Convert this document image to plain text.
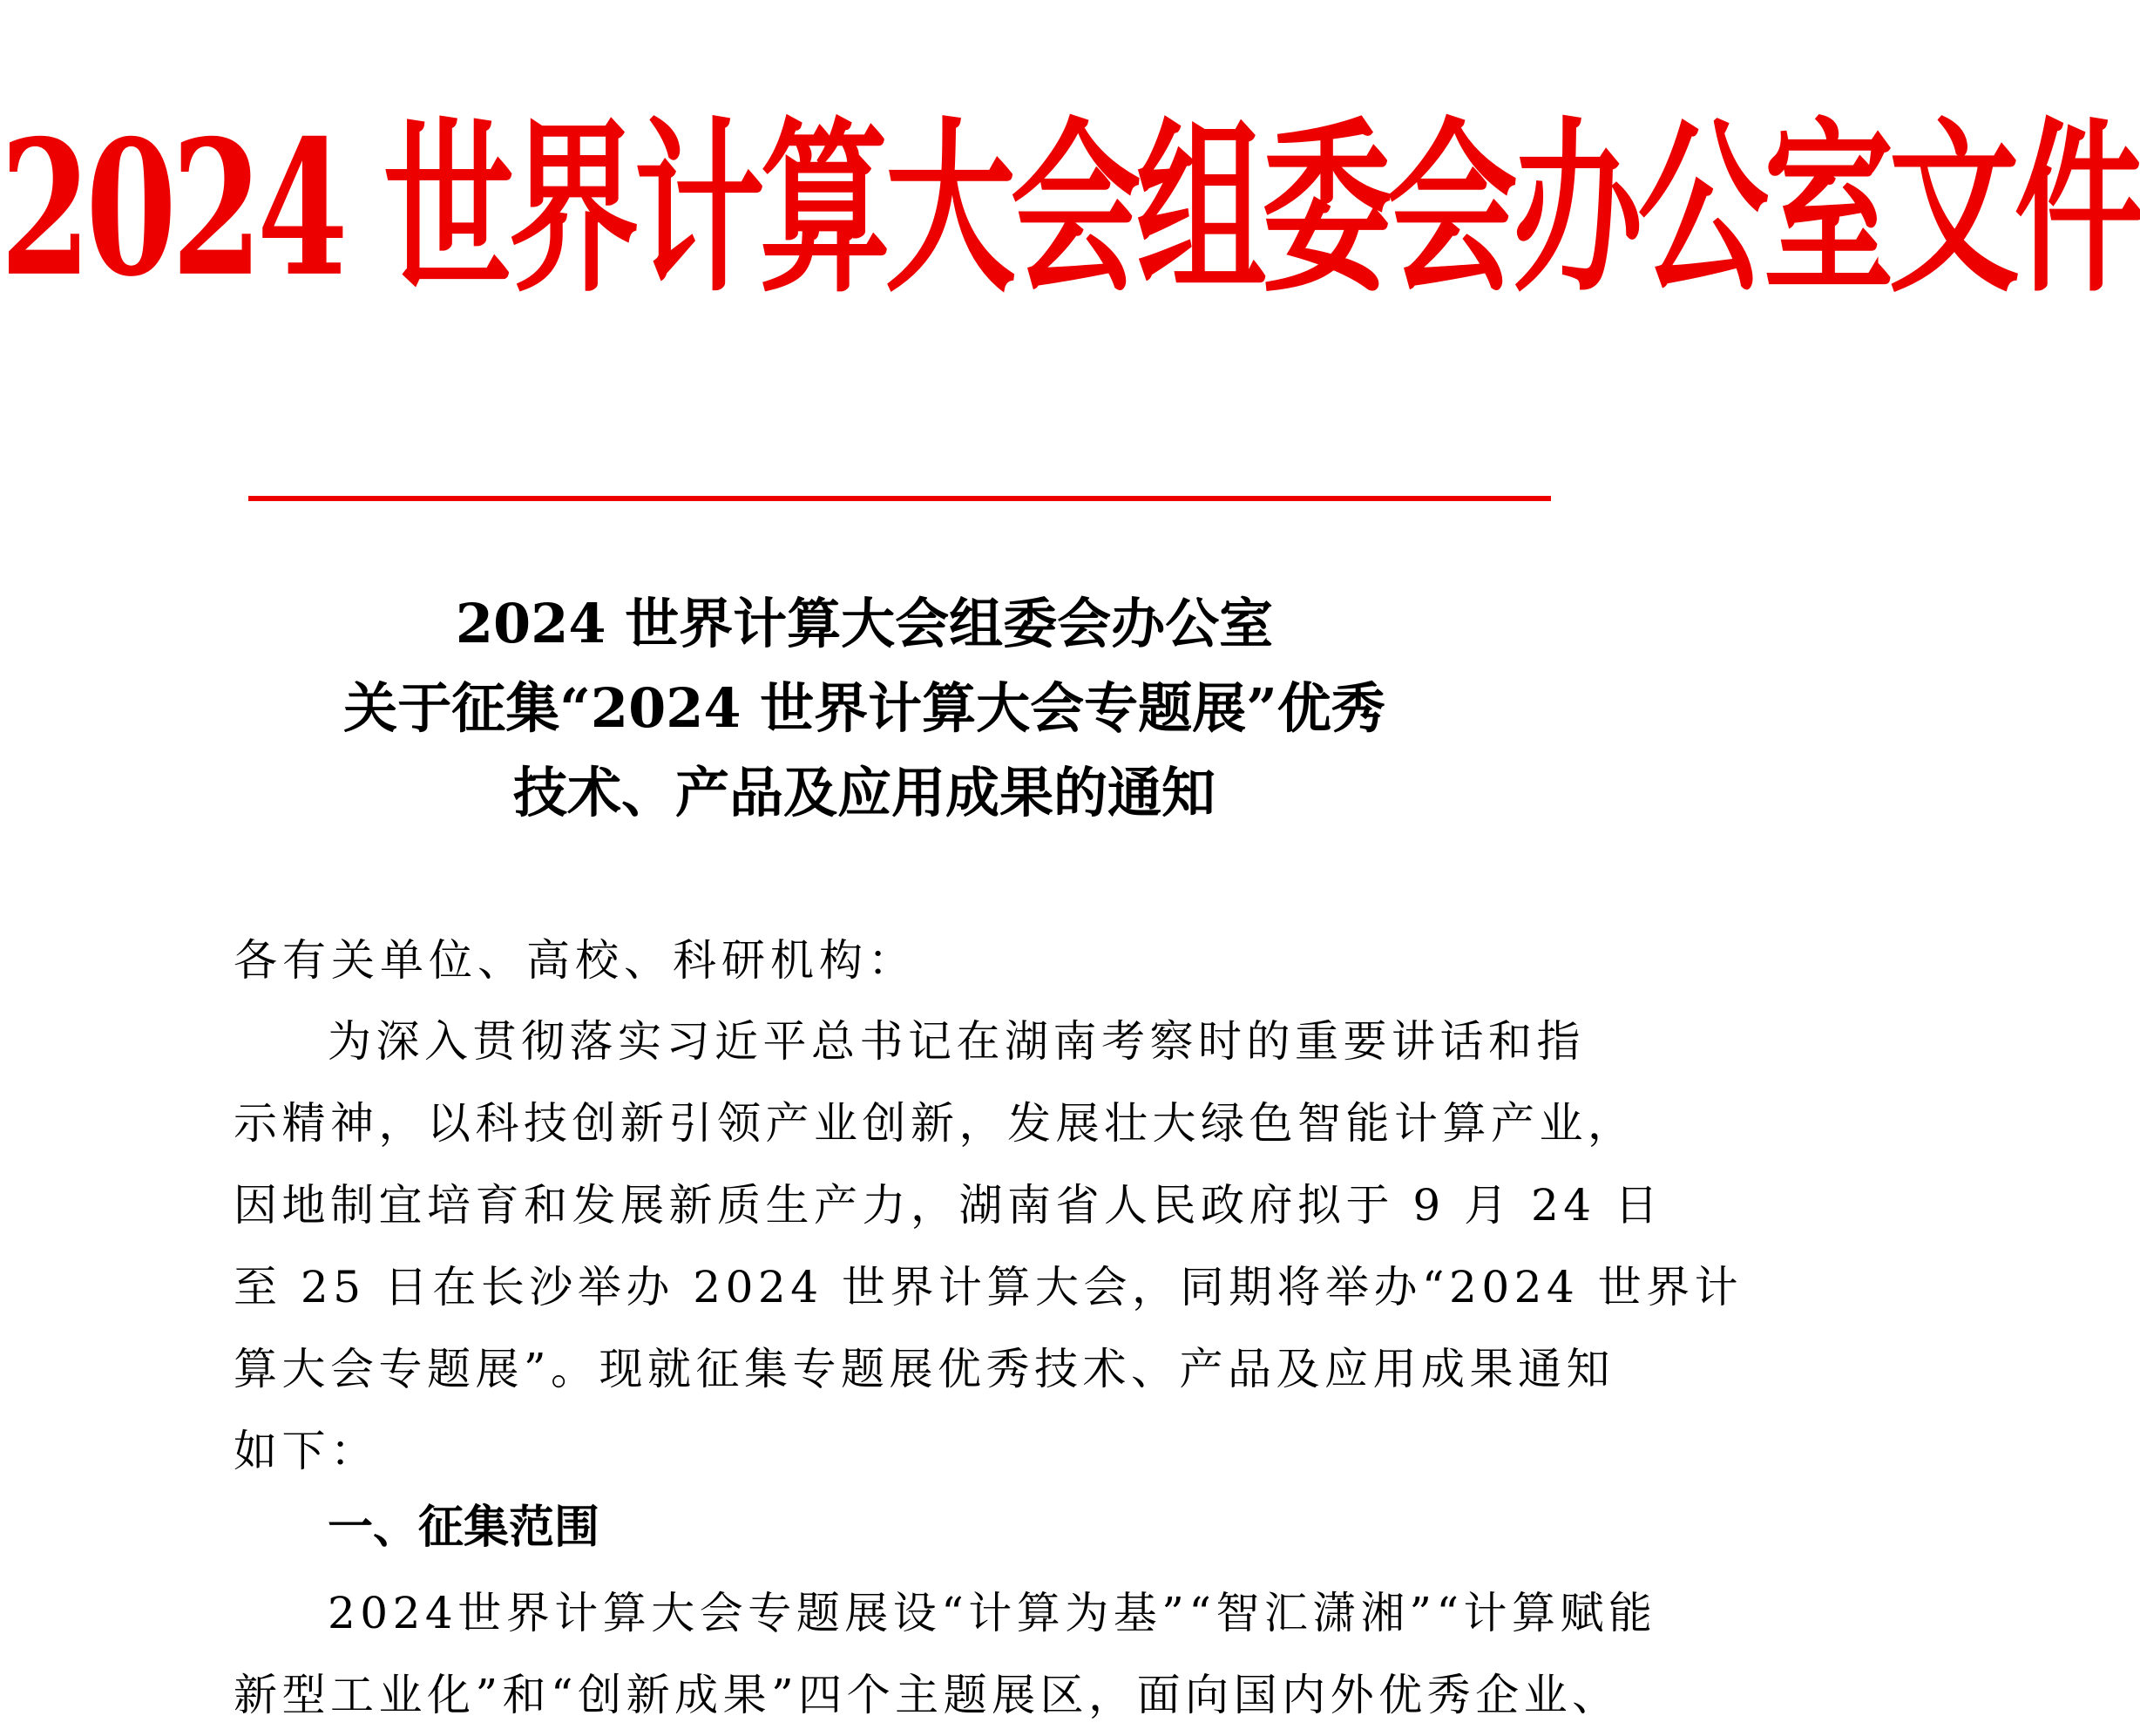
2024 世界计算大会组委会办公室文件
2024 世界计算大会组委会办公室
关于征集“2024 世界计算大会专题展”优秀
技术、产品及应用成果的通知
各有关单位、高校、科研机构：
为深入贯彻落实习近平总书记在湖南考察时的重要讲话和指
示精神，以科技创新引领产业创新，发展壮大绿色智能计算产业，
因地制宜培育和发展新质生产力，湖南省人民政府拟于 9 月 24 日
至 25 日在长沙举办 2024 世界计算大会，同期将举办“2024 世界计
算大会专题展”。现就征集专题展优秀技术、产品及应用成果通知
如下：
一、征集范围
2024世界计算大会专题展设“计算为基”“智汇潇湘”“计算赋能
新型工业化”和“创新成果”四个主题展区，面向国内外优秀企业、
